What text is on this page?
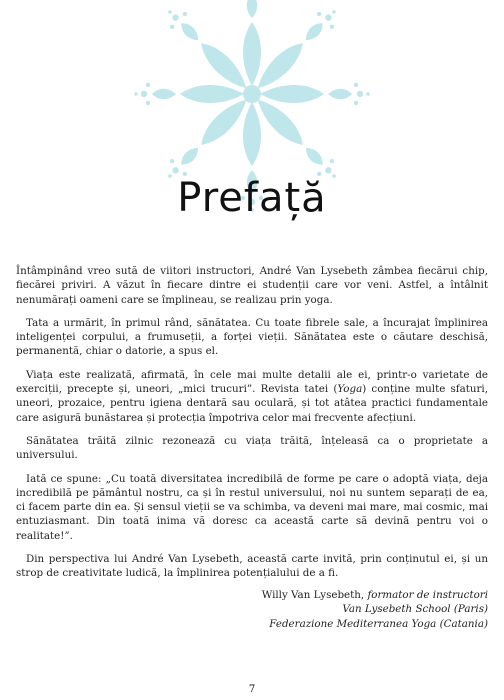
Prefață

Întâmpinând vreo sută de viitori instructori, André Van Lysebeth zâmbea fiecărui chip, fiecărei priviri. A văzut în fiecare dintre ei studenții care vor veni. Astfel, a întâlnit nenumărați oameni care se împlineau, se realizau prin yoga.

Tata a urmărit, în primul rând, sănătatea. Cu toate fibrele sale, a încurajat împlinirea inteligenței corpului, a frumuseții, a forței vieții. Sănătatea este o căutare deschisă, permanentă, chiar o datorie, a spus el.

Viața este realizată, afirmată, în cele mai multe detalii ale ei, printr-o varietate de exerciții, precepte și, uneori, „mici trucuri”. Revista tatei (Yoga) conține multe sfaturi, uneori, prozaice, pentru igiena dentară sau oculară, și tot atâtea practici fundamentale care asigură bunăstarea și protecția împotriva celor mai frecvente afecțiuni.

Sănătatea trăită zilnic rezonează cu viața trăită, înțeleasă ca o proprietate a universului.

Iată ce spune: „Cu toată diversitatea incredibilă de forme pe care o adoptă viața, deja incredibilă pe pământul nostru, ca și în restul universului, noi nu suntem separați de ea, ci facem parte din ea. Și sensul vieții se va schimba, va deveni mai mare, mai cosmic, mai entuziasmant. Din toată inima vă doresc ca această carte să devină pentru voi o realitate!”.

Din perspectiva lui André Van Lysebeth, această carte invită, prin conținutul ei, și un strop de creativitate ludică, la împlinirea potențialului de a fi.

Willy Van Lysebeth, formator de instructori
Van Lysebeth School (Paris)
Federazione Mediterranea Yoga (Catania)
7
